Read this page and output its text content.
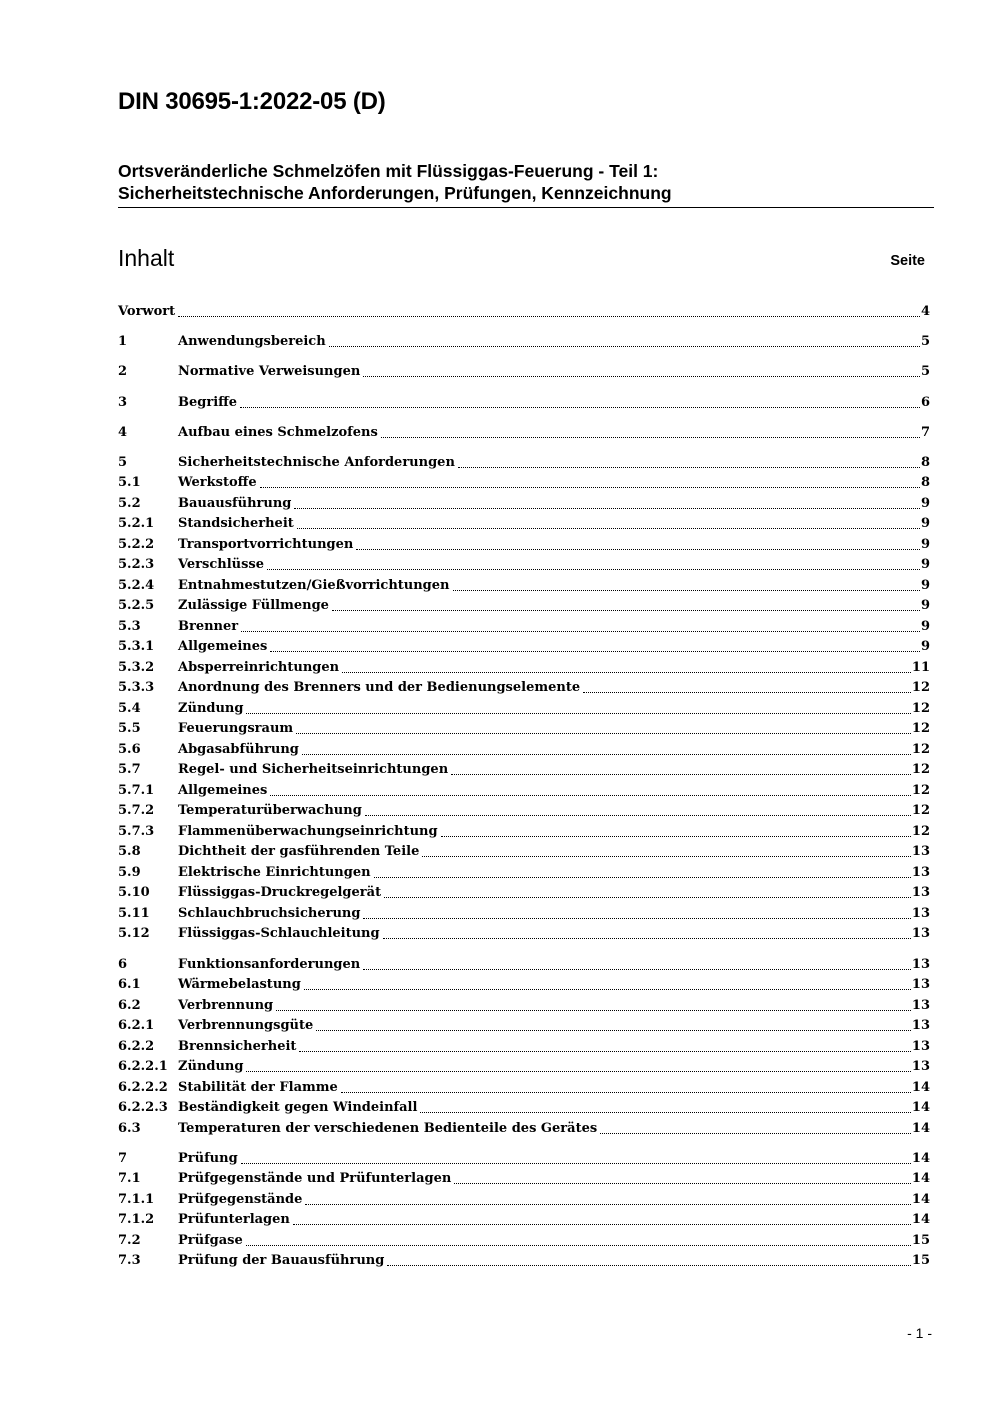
DIN 30695-1:2022-05 (D)
Ortsveränderliche Schmelzöfen mit Flüssiggas-Feuerung - Teil 1:
Sicherheitstechnische Anforderungen, Prüfungen, Kennzeichnung
Inhalt	Seite
Vorwort	4
1	Anwendungsbereich	5
2	Normative Verweisungen	5
3	Begriffe	6
4	Aufbau eines Schmelzofens	7
5	Sicherheitstechnische Anforderungen	8
5.1	Werkstoffe	8
5.2	Bauausführung	9
5.2.1	Standsicherheit	9
5.2.2	Transportvorrichtungen	9
5.2.3	Verschlüsse	9
5.2.4	Entnahmestutzen/Gießvorrichtungen	9
5.2.5	Zulässige Füllmenge	9
5.3	Brenner	9
5.3.1	Allgemeines	9
5.3.2	Absperreinrichtungen	11
5.3.3	Anordnung des Brenners und der Bedienungselemente	12
5.4	Zündung	12
5.5	Feuerungsraum	12
5.6	Abgasabführung	12
5.7	Regel- und Sicherheitseinrichtungen	12
5.7.1	Allgemeines	12
5.7.2	Temperaturüberwachung	12
5.7.3	Flammenüberwachungseinrichtung	12
5.8	Dichtheit der gasführenden Teile	13
5.9	Elektrische Einrichtungen	13
5.10	Flüssiggas-Druckregelgerät	13
5.11	Schlauchbruchsicherung	13
5.12	Flüssiggas-Schlauchleitung	13
6	Funktionsanforderungen	13
6.1	Wärmebelastung	13
6.2	Verbrennung	13
6.2.1	Verbrennungsgüte	13
6.2.2	Brennsicherheit	13
6.2.2.1 Zündung	13
6.2.2.2 Stabilität der Flamme	14
6.2.2.3 Beständigkeit gegen Windeinfall	14
6.3	Temperaturen der verschiedenen Bedienteile des Gerätes	14
7	Prüfung	14
7.1	Prüfgegenstände und Prüfunterlagen	14
7.1.1	Prüfgegenstände	14
7.1.2	Prüfunterlagen	14
7.2	Prüfgase	15
7.3	Prüfung der Bauausführung	15
- 1 -
